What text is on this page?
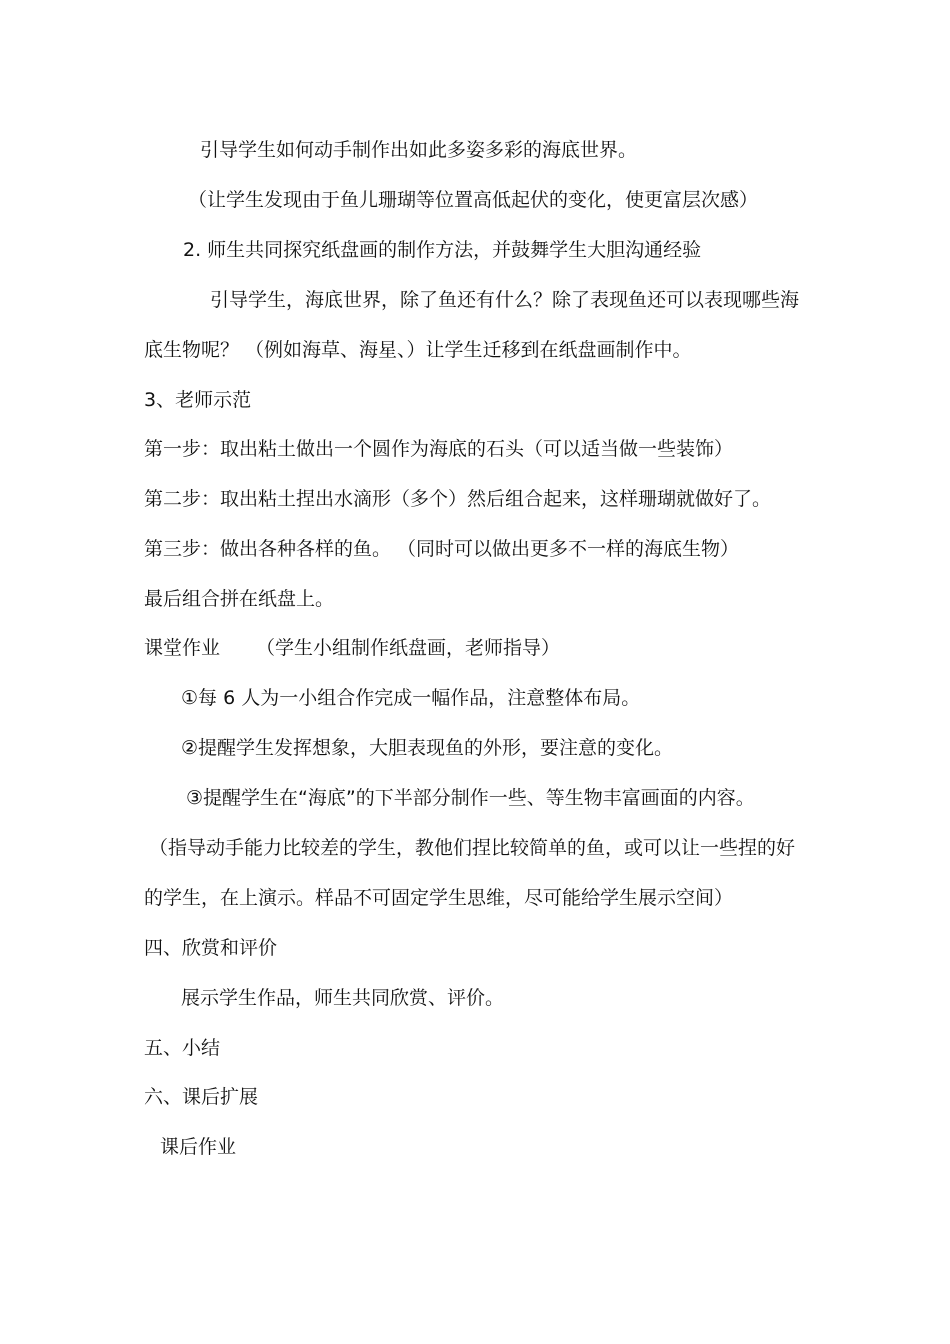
引导学生如何动手制作出如此多姿多彩的海底世界。
（让学生发现由于鱼儿珊瑚等位置高低起伏的变化，使更富层次感）
2. 师生共同探究纸盘画的制作方法，并鼓舞学生大胆沟通经验
引导学生，海底世界，除了鱼还有什么？除了表现鱼还可以表现哪些海
底生物呢？ （例如海草、海星、）让学生迁移到在纸盘画制作中。
3、老师示范
第一步：取出粘土做出一个圆作为海底的石头（可以适当做一些装饰）
第二步：取出粘土捏出水滴形（多个）然后组合起来，这样珊瑚就做好了。
第三步：做出各种各样的鱼。 （同时可以做出更多不一样的海底生物）
最后组合拼在纸盘上。
课堂作业 （学生小组制作纸盘画，老师指导）
①每 6 人为一小组合作完成一幅作品，注意整体布局。
②提醒学生发挥想象，大胆表现鱼的外形，要注意的变化。
③提醒学生在“海底”的下半部分制作一些、等生物丰富画面的内容。
（指导动手能力比较差的学生，教他们捏比较简单的鱼，或可以让一些捏的好
的学生，在上演示。样品不可固定学生思维，尽可能给学生展示空间）
四、欣赏和评价
展示学生作品，师生共同欣赏、评价。
五、小结
六、课后扩展
课后作业
